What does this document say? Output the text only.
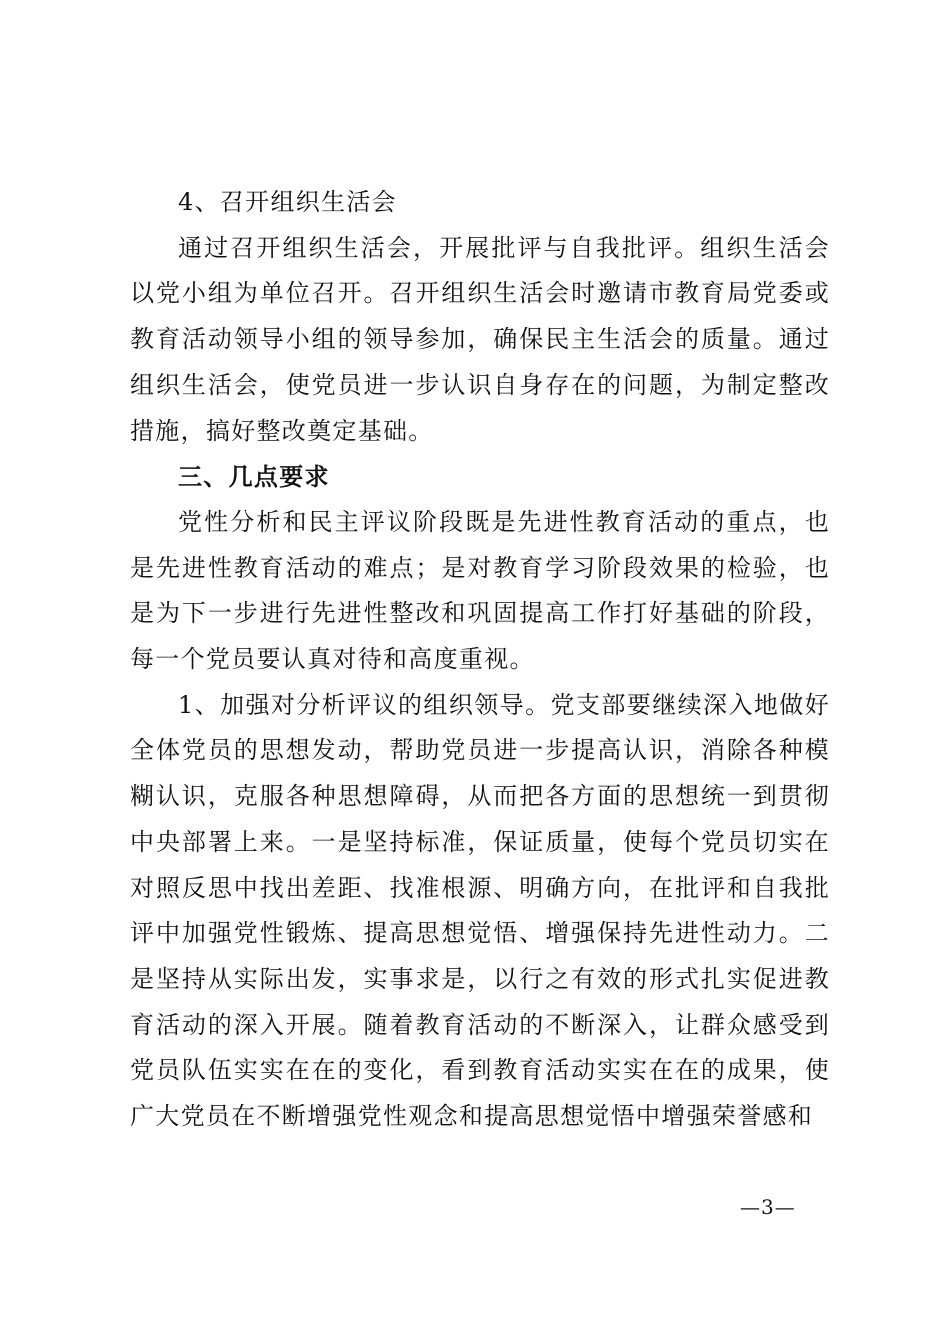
4、召开组织生活会

通过召开组织生活会，开展批评与自我批评。组织生活会以党小组为单位召开。召开组织生活会时邀请市教育局党委或教育活动领导小组的领导参加，确保民主生活会的质量。通过组织生活会，使党员进一步认识自身存在的问题，为制定整改措施，搞好整改奠定基础。

三、几点要求

党性分析和民主评议阶段既是先进性教育活动的重点，也是先进性教育活动的难点；是对教育学习阶段效果的检验，也是为下一步进行先进性整改和巩固提高工作打好基础的阶段，每一个党员要认真对待和高度重视。

1、加强对分析评议的组织领导。党支部要继续深入地做好全体党员的思想发动，帮助党员进一步提高认识，消除各种模糊认识，克服各种思想障碍，从而把各方面的思想统一到贯彻中央部署上来。一是坚持标准，保证质量，使每个党员切实在对照反思中找出差距、找准根源、明确方向，在批评和自我批评中加强党性锻炼、提高思想觉悟、增强保持先进性动力。二是坚持从实际出发，实事求是，以行之有效的形式扎实促进教育活动的深入开展。随着教育活动的不断深入，让群众感受到党员队伍实实在在的变化，看到教育活动实实在在的成果，使广大党员在不断增强党性观念和提高思想觉悟中增强荣誉感和

—3—
